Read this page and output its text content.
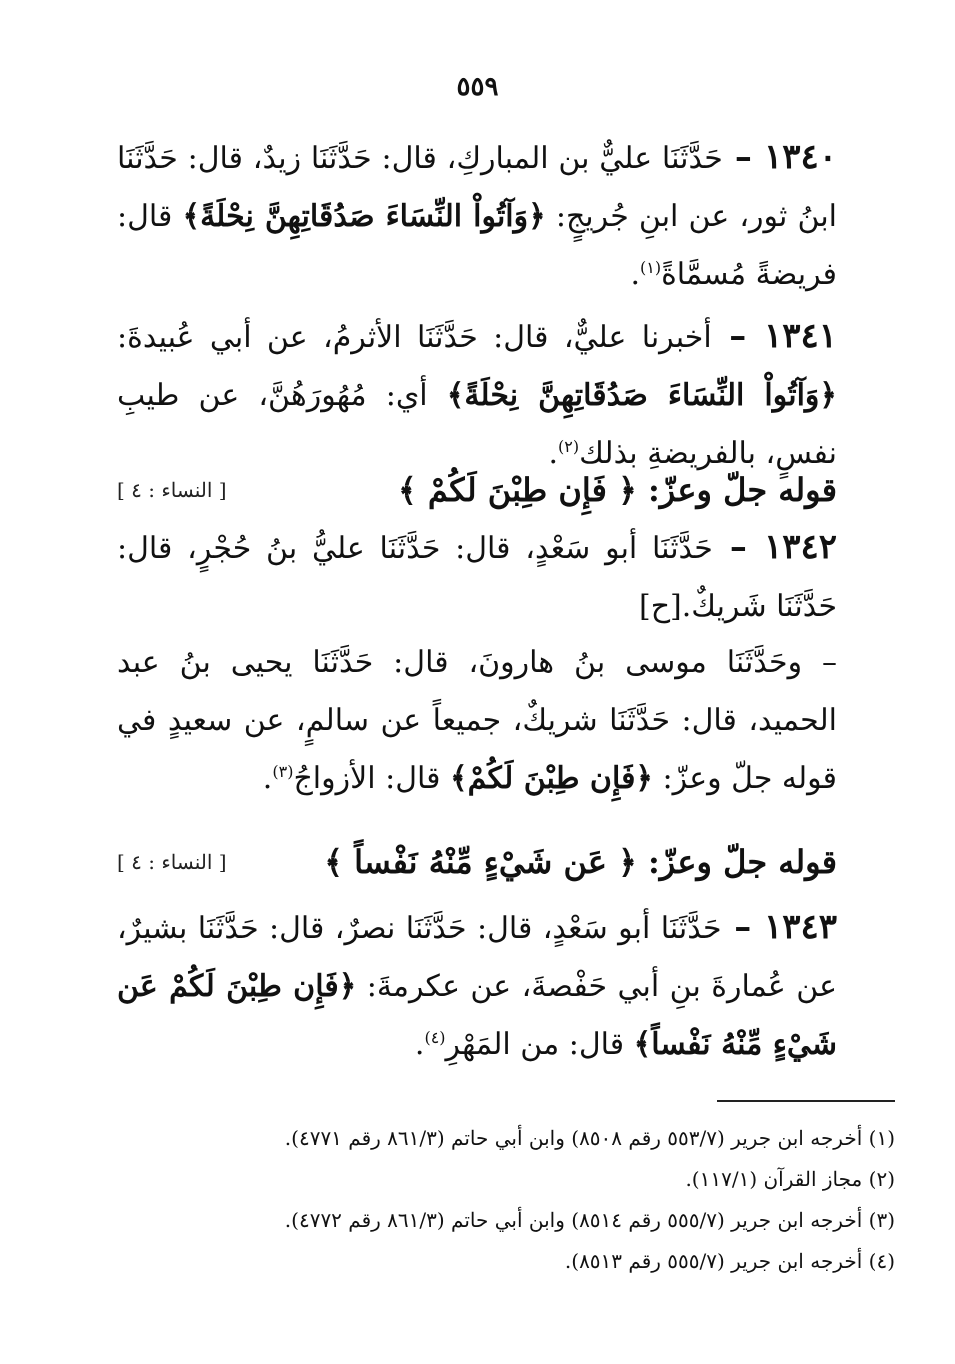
٥٥٩

١٣٤٠ – حَدَّثَنَا عليٌّ بن المباركِ، قال: حَدَّثَنَا زيدٌ، قال: حَدَّثَنَا ابنُ ثور، عن ابنِ جُريجٍ: ﴿وَآتُواْ النِّسَاءَ صَدُقَاتِهِنَّ نِحْلَةً﴾ قال: فريضةً مُسمَّاةً$^{(١)}$.

١٣٤١ – أخبرنا عليٌّ، قال: حَدَّثَنَا الأثرمُ، عن أبي عُبيدةَ: ﴿وَآتُواْ النِّسَاءَ صَدُقَاتِهِنَّ نِحْلَةً﴾ أي: مُهُورَهُنَّ، عن طيبِ نفسٍ، بالفريضةِ بذلك$^{(٢)}$.

قوله جلّ وعزّ: ﴿ فَإِن طِبْنَ لَكُمْ ﴾
[ النساء : ٤ ]

١٣٤٢ – حَدَّثَنَا أبو سَعْدٍ، قال: حَدَّثَنَا عليُّ بنُ حُجْرٍ، قال: حَدَّثَنَا شَريكٌ.[ح]

– وحَدَّثَنَا موسى بنُ هارونَ، قال: حَدَّثَنَا يحيى بنُ عبد الحميد، قال: حَدَّثَنَا شريكٌ، جميعاً عن سالمٍ، عن سعيدٍ في قوله جلّ وعزّ: ﴿فَإِن طِبْنَ لَكُمْ﴾ قال: الأزواجُ$^{(٣)}$.

قوله جلّ وعزّ: ﴿ عَن شَيْءٍ مِّنْهُ نَفْساً ﴾
[ النساء : ٤ ]

١٣٤٣ – حَدَّثَنَا أبو سَعْدٍ، قال: حَدَّثَنَا نصرٌ، قال: حَدَّثَنَا بشيرٌ، عن عُمارةَ بنِ أبي حَفْصةَ، عن عكرمةَ: ﴿فَإِن طِبْنَ لَكُمْ عَن شَيْءٍ مِّنْهُ نَفْساً﴾ قال: من المَهْرِ$^{(٤)}$.

(١) أخرجه ابن جرير (٥٥٣/٧ رقم ٨٥٠٨) وابن أبي حاتم (٨٦١/٣ رقم ٤٧٧١).
(٢) مجاز القرآن (١١٧/١).
(٣) أخرجه ابن جرير (٥٥٥/٧ رقم ٨٥١٤) وابن أبي حاتم (٨٦١/٣ رقم ٤٧٧٢).
(٤) أخرجه ابن جرير (٥٥٥/٧ رقم ٨٥١٣).
